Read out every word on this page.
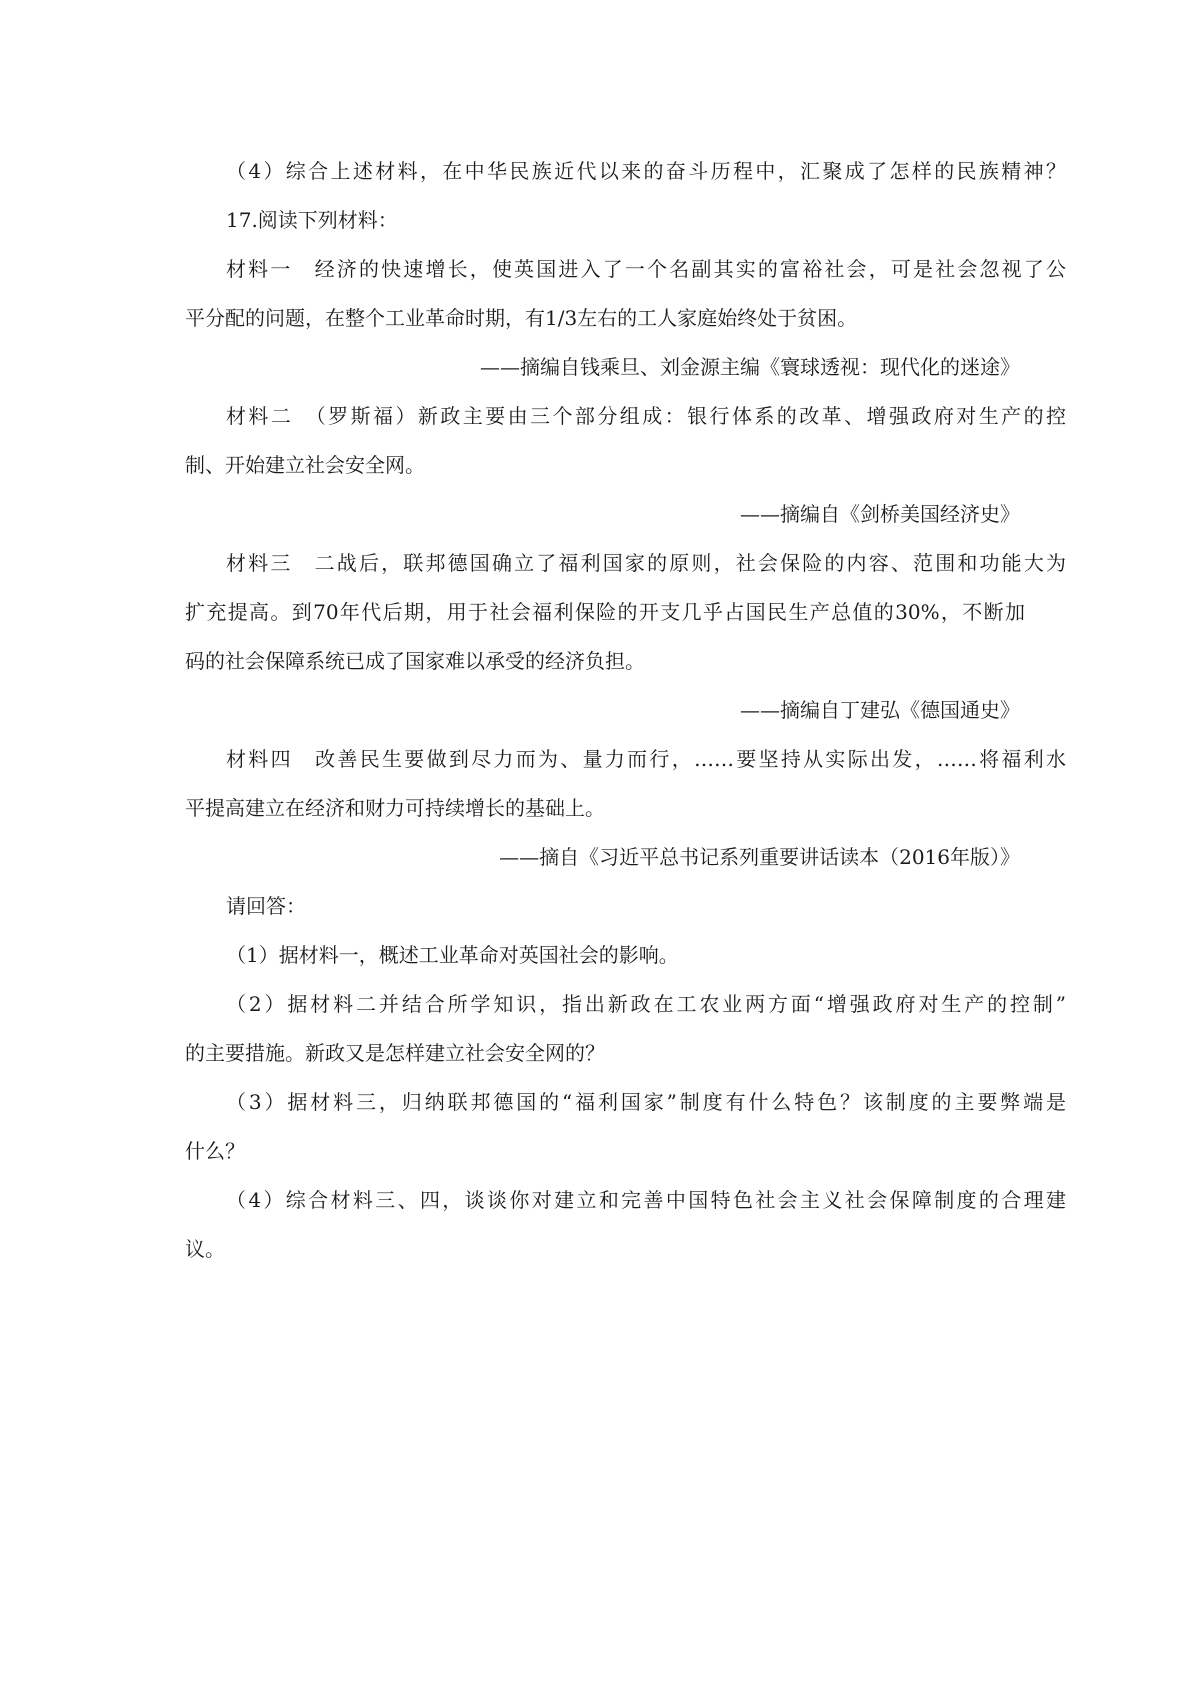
（4）综合上述材料，在中华民族近代以来的奋斗历程中，汇聚成了怎样的民族精神？
17.阅读下列材料：
材料一　经济的快速增长，使英国进入了一个名副其实的富裕社会，可是社会忽视了公
平分配的问题，在整个工业革命时期，有1/3左右的工人家庭始终处于贫困。
——摘编自钱乘旦、刘金源主编《寰球透视：现代化的迷途》
材料二　（罗斯福）新政主要由三个部分组成：银行体系的改革、增强政府对生产的控
制、开始建立社会安全网。
——摘编自《剑桥美国经济史》
材料三　二战后，联邦德国确立了福利国家的原则，社会保险的内容、范围和功能大为
扩充提高。到70年代后期，用于社会福利保险的开支几乎占国民生产总值的30%，不断加
码的社会保障系统已成了国家难以承受的经济负担。
——摘编自丁建弘《德国通史》
材料四　改善民生要做到尽力而为、量力而行，……要坚持从实际出发，……将福利水
平提高建立在经济和财力可持续增长的基础上。
——摘自《习近平总书记系列重要讲话读本（2016年版）》
请回答：
（1）据材料一，概述工业革命对英国社会的影响。
（2）据材料二并结合所学知识，指出新政在工农业两方面“增强政府对生产的控制”
的主要措施。新政又是怎样建立社会安全网的？
（3）据材料三，归纳联邦德国的“福利国家”制度有什么特色？该制度的主要弊端是
什么？
（4）综合材料三、四，谈谈你对建立和完善中国特色社会主义社会保障制度的合理建
议。
